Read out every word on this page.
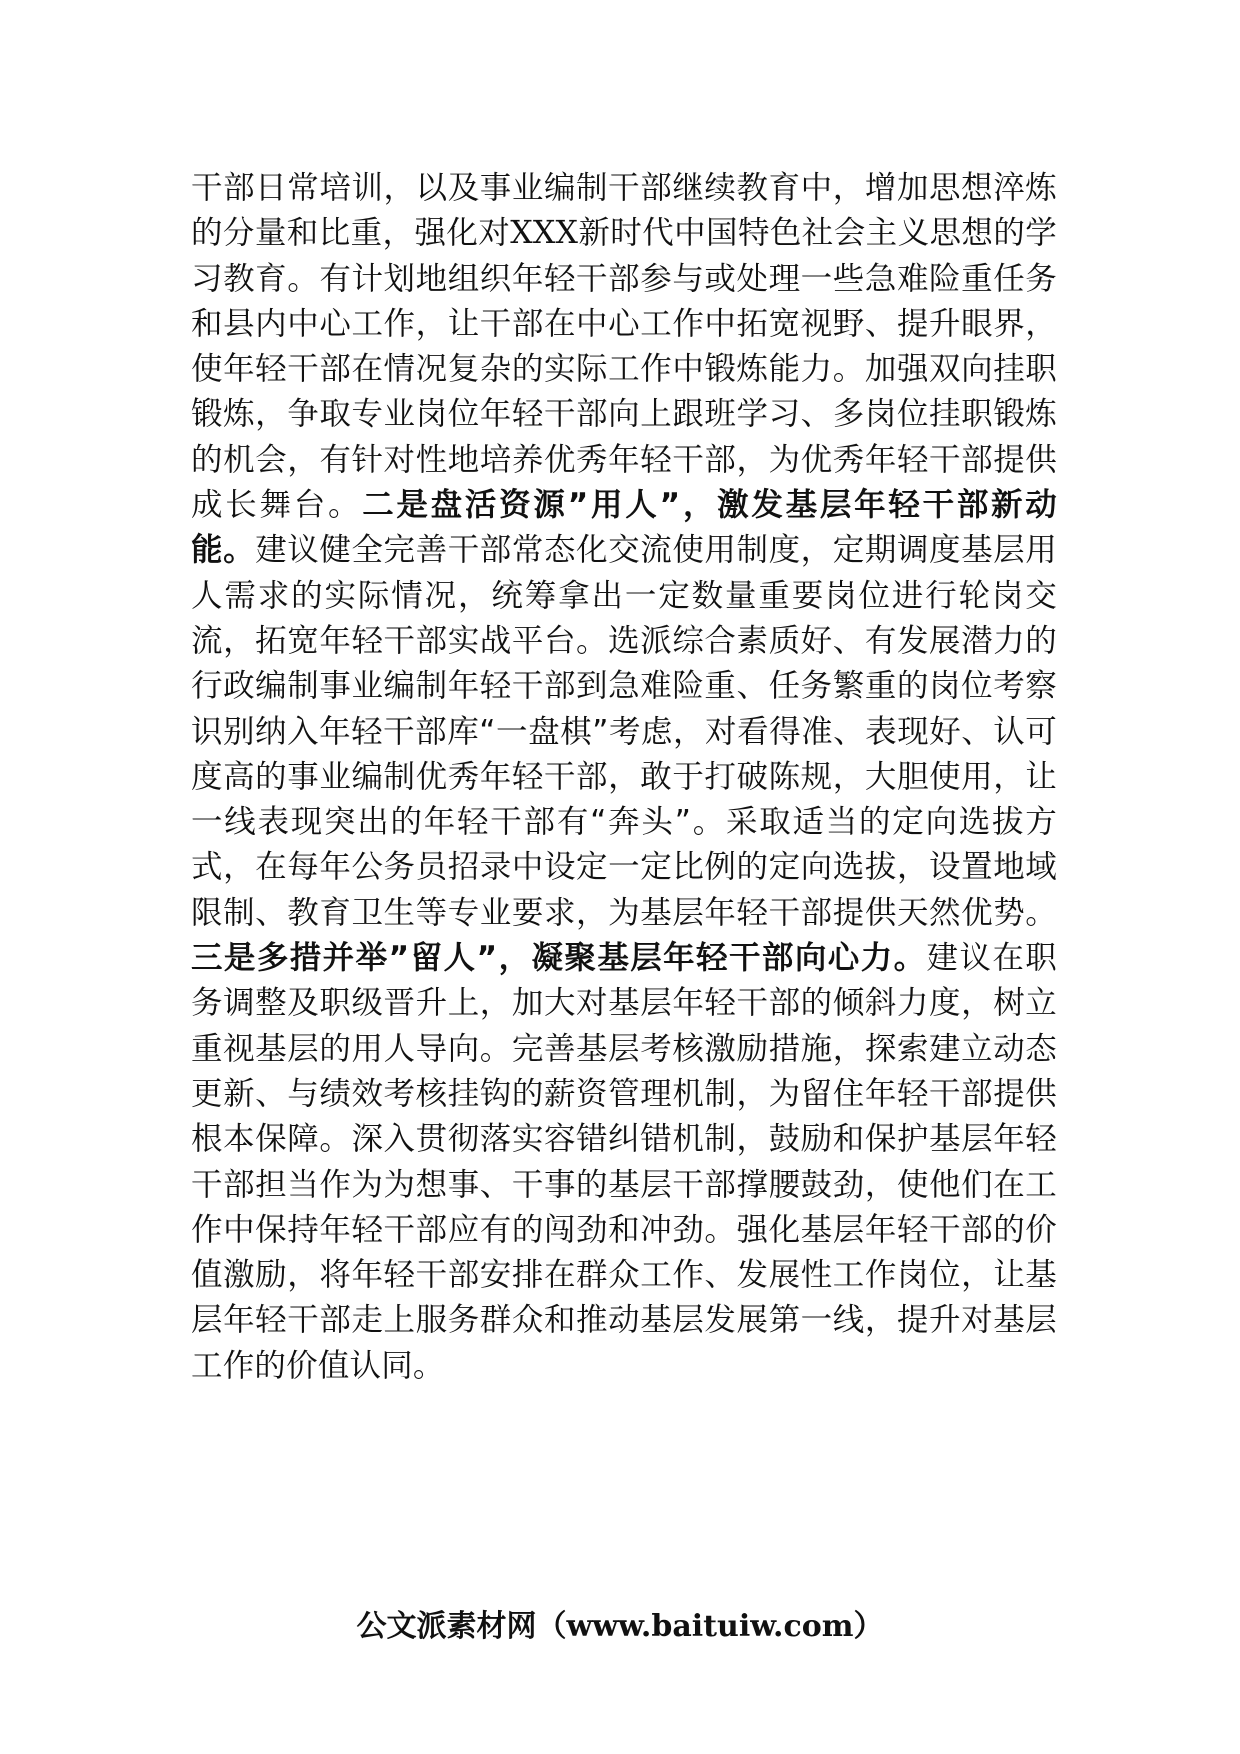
干部日常培训，以及事业编制干部继续教育中，增加思想淬炼的分量和比重，强化对XXX新时代中国特色社会主义思想的学习教育。有计划地组织年轻干部参与或处理一些急难险重任务和县内中心工作，让干部在中心工作中拓宽视野、提升眼界，使年轻干部在情况复杂的实际工作中锻炼能力。加强双向挂职锻炼，争取专业岗位年轻干部向上跟班学习、多岗位挂职锻炼的机会，有针对性地培养优秀年轻干部，为优秀年轻干部提供成长舞台。二是盘活资源”用人”，激发基层年轻干部新动能。建议健全完善干部常态化交流使用制度，定期调度基层用人需求的实际情况，统筹拿出一定数量重要岗位进行轮岗交流，拓宽年轻干部实战平台。选派综合素质好、有发展潜力的行政编制事业编制年轻干部到急难险重、任务繁重的岗位考察识别纳入年轻干部库“一盘棋”考虑，对看得准、表现好、认可度高的事业编制优秀年轻干部，敢于打破陈规，大胆使用，让一线表现突出的年轻干部有“奔头”。采取适当的定向选拔方式，在每年公务员招录中设定一定比例的定向选拔，设置地域限制、教育卫生等专业要求，为基层年轻干部提供天然优势。三是多措并举”留人”，凝聚基层年轻干部向心力。建议在职务调整及职级晋升上，加大对基层年轻干部的倾斜力度，树立重视基层的用人导向。完善基层考核激励措施，探索建立动态更新、与绩效考核挂钩的薪资管理机制，为留住年轻干部提供根本保障。深入贯彻落实容错纠错机制，鼓励和保护基层年轻干部担当作为为想事、干事的基层干部撑腰鼓劲，使他们在工作中保持年轻干部应有的闯劲和冲劲。强化基层年轻干部的价值激励，将年轻干部安排在群众工作、发展性工作岗位，让基层年轻干部走上服务群众和推动基层发展第一线，提升对基层工作的价值认同。

公文派素材网（www.baituiw.com）
